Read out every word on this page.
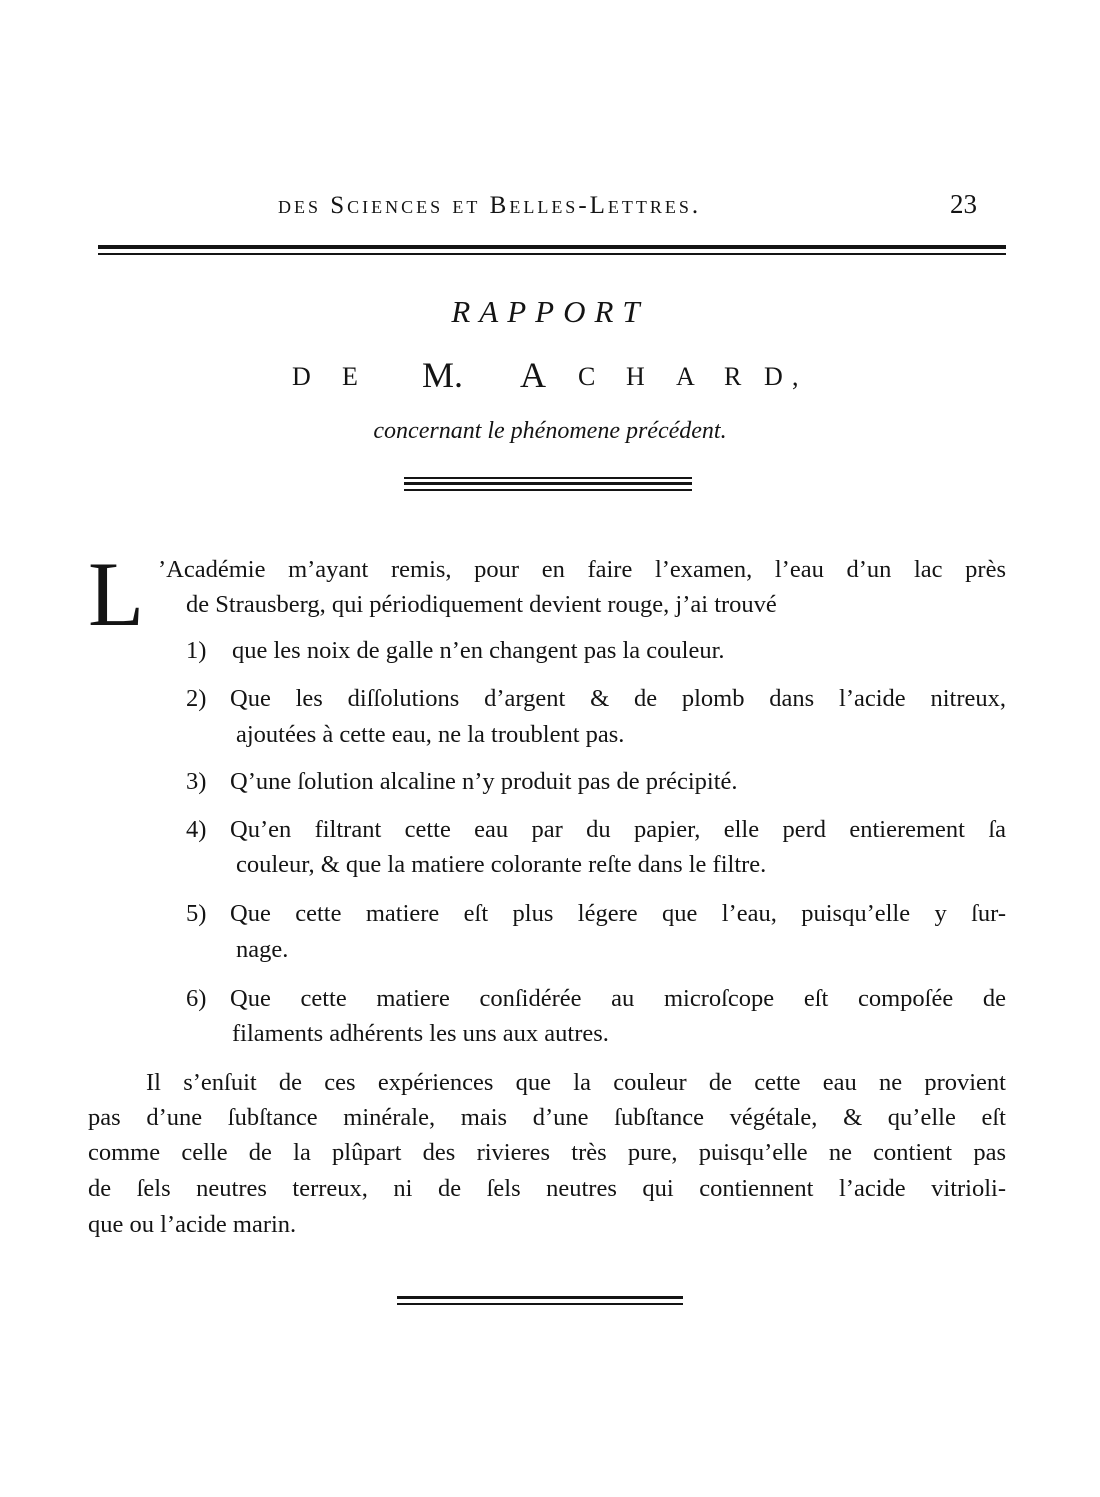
des Sciences et Belles-Lettres.	23
RAPPORT
D E M. A C H A R D ,
concernant le phénomene précédent.
L ’Académie m’ayant remis, pour en faire l’examen, l’eau d’un lac près
de Strausberg, qui périodiquement devient rouge, j’ai trouvé
1) que les noix de galle n’en changent pas la couleur.
2) Que les diſſolutions d’argent & de plomb dans l’acide nitreux,
ajoutées à cette eau, ne la troublent pas.
3) Q’une ſolution alcaline n’y produit pas de précipité.
4) Qu’en filtrant cette eau par du papier, elle perd entierement ſa
couleur, & que la matiere colorante reſte dans le filtre.
5) Que cette matiere eſt plus légere que l’eau, puisqu’elle y ſur-
nage.
6) Que cette matiere conſidérée au microſcope eſt compoſée de
filaments adhérents les uns aux autres.
Il s’enſuit de ces expériences que la couleur de cette eau ne provient
pas d’une ſubſtance minérale, mais d’une ſubſtance végétale, & qu’elle eſt
comme celle de la plûpart des rivieres très pure, puisqu’elle ne contient pas
de ſels neutres terreux, ni de ſels neutres qui contiennent l’acide vitrioli-
que ou l’acide marin.
